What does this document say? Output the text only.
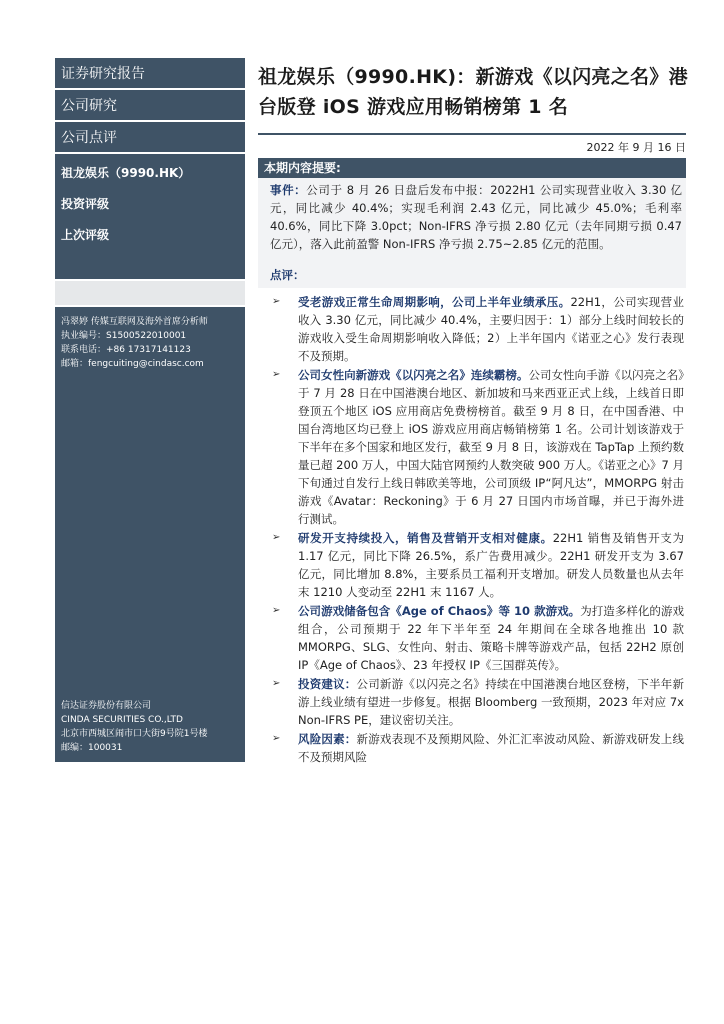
证券研究报告
公司研究
公司点评
祖龙娱乐（9990.HK）
投资评级
上次评级
冯翠婷 传媒互联网及海外首席分析师
执业编号：S1500522010001
联系电话：+86 17317141123
邮箱：fengcuiting@cindasc.com
信达证券股份有限公司
CINDA SECURITIES CO.,LTD
北京市西城区闹市口大街9号院1号楼
邮编：100031
祖龙娱乐（9990.HK)：新游戏《以闪亮之名》港台版登 iOS 游戏应用畅销榜第 1 名
2022 年 9 月 16 日
本期内容提要:
事件：公司于 8 月 26 日盘后发布中报：2022H1 公司实现营业收入 3.30 亿元，同比减少 40.4%；实现毛利润 2.43 亿元，同比减少 45.0%；毛利率 40.6%，同比下降 3.0pct；Non-IFRS 净亏损 2.80 亿元（去年同期亏损 0.47 亿元），落入此前盈警 Non-IFRS 净亏损 2.75~2.85 亿元的范围。
点评：
➢ 受老游戏正常生命周期影响，公司上半年业绩承压。22H1，公司实现营业收入 3.30 亿元，同比减少 40.4%，主要归因于：1）部分上线时间较长的游戏收入受生命周期影响收入降低；2）上半年国内《诺亚之心》发行表现不及预期。
➢ 公司女性向新游戏《以闪亮之名》连续霸榜。公司女性向手游《以闪亮之名》于 7 月 28 日在中国港澳台地区、新加坡和马来西亚正式上线，上线首日即登顶五个地区 iOS 应用商店免费榜榜首。截至 9 月 8 日，在中国香港、中国台湾地区均已登上 iOS 游戏应用商店畅销榜第 1 名。公司计划该游戏于下半年在多个国家和地区发行，截至 9 月 8 日，该游戏在 TapTap 上预约数量已超 200 万人，中国大陆官网预约人数突破 900 万人。《诺亚之心》7 月下旬通过自发行上线日韩欧美等地，公司顶级 IP“阿凡达”，MMORPG 射击游戏《Avatar：Reckoning》于 6 月 27 日国内市场首曝，并已于海外进行测试。
➢ 研发开支持续投入，销售及营销开支相对健康。22H1 销售及销售开支为 1.17 亿元，同比下降 26.5%，系广告费用减少。22H1 研发开支为 3.67 亿元，同比增加 8.8%，主要系员工福利开支增加。研发人员数量也从去年末 1210 人变动至 22H1 末 1167 人。
➢ 公司游戏储备包含《Age of Chaos》等 10 款游戏。为打造多样化的游戏组合，公司预期于 22 年下半年至 24 年期间在全球各地推出 10 款 MMORPG、SLG、女性向、射击、策略卡牌等游戏产品，包括 22H2 原创 IP《Age of Chaos》、23 年授权 IP《三国群英传》。
➢ 投资建议：公司新游《以闪亮之名》持续在中国港澳台地区登榜，下半年新游上线业绩有望进一步修复。根据 Bloomberg 一致预期，2023 年对应 7x Non-IFRS PE，建议密切关注。
➢ 风险因素：新游戏表现不及预期风险、外汇汇率波动风险、新游戏研发上线不及预期风险
